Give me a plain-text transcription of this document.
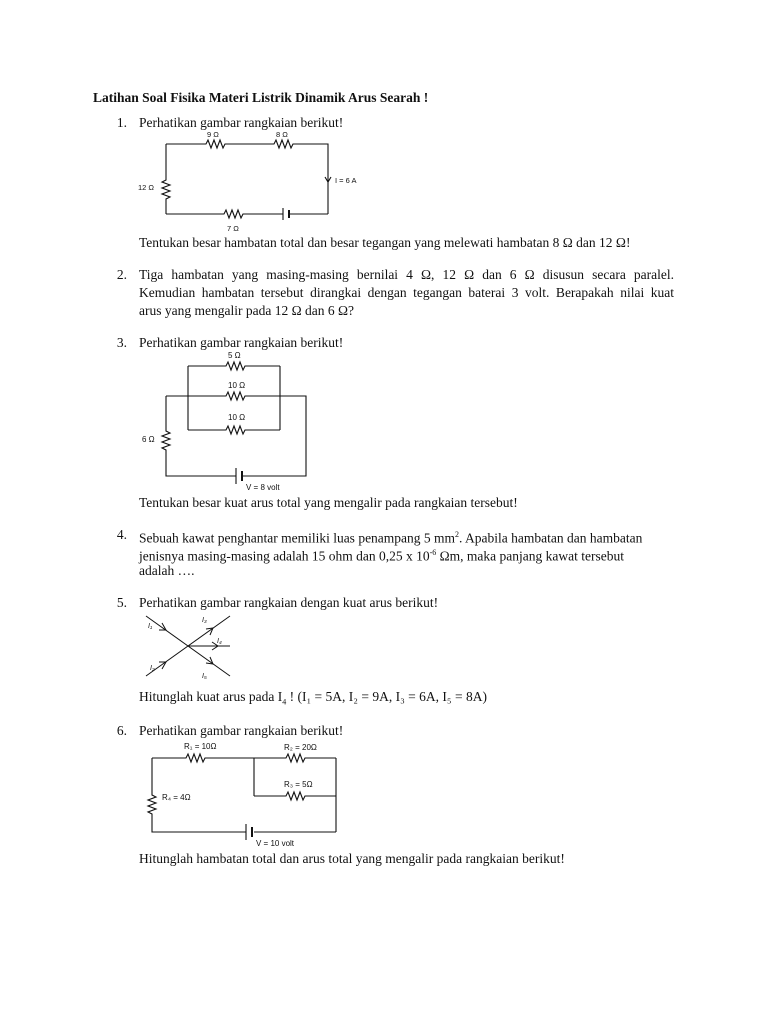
Latihan Soal Fisika Materi Listrik Dinamik Arus Searah !
1. Perhatikan gambar rangkaian berikut!
9 Ω	8 Ω
12 Ω
7 Ω
I = 6 A
Tentukan besar hambatan total dan besar tegangan yang melewati hambatan 8 Ω dan 12 Ω!
2. Tiga hambatan yang masing-masing bernilai 4 Ω, 12 Ω dan 6 Ω disusun secara paralel.
Kemudian hambatan tersebut dirangkai dengan tegangan baterai 3 volt. Berapakah nilai kuat
arus yang mengalir pada 12 Ω dan 6 Ω?
3. Perhatikan gambar rangkaian berikut!
5 Ω
10 Ω
10 Ω
6 Ω
V = 8 volt
Tentukan besar kuat arus total yang mengalir pada rangkaian tersebut!
4. Sebuah kawat penghantar memiliki luas penampang 5 $mm^2$. Apabila hambatan dan hambatan
jenisnya masing-masing adalah 15 ohm dan 0,25 x $10^{-6}$ Ωm, maka panjang kawat tersebut
adalah ….
5. Perhatikan gambar rangkaian dengan kuat arus berikut!
I₁
I₂
I₃
I₄
I₅
Hitunglah kuat arus pada $I_4$ ! (I₁ = 5A, I₂ = 9A, I₃ = 6A, I₅ = 8A)
6. Perhatikan gambar rangkaian berikut!
R₁ = 10Ω	R₂ = 20Ω
R₃ = 5Ω
R₄ = 4Ω
V = 10 volt
Hitunglah hambatan total dan arus total yang mengalir pada rangkaian berikut!
